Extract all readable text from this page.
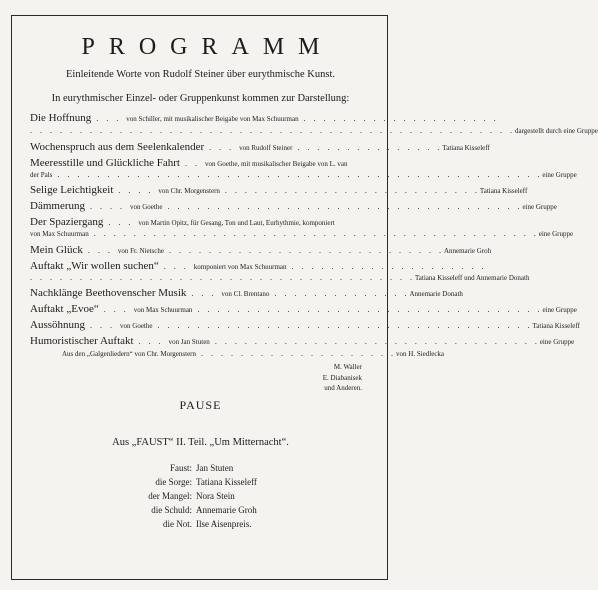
PROGRAMM
Einleitende Worte von Rudolf Steiner über eurythmische Kunst.
In eurythmischer Einzel- oder Gruppenkunst kommen zur Darstellung:
Die Hoffnung . . . von Schiller, mit musikalischer Beigabe von Max Schuurman . . . . . . . . . . . . . . . . . . . .
. . . . . . . . . . . . . . . . . . . . . . . . . . . . . . . . . . . . . . . . . . . . . . . . . dargestellt durch eine Gruppe
Wochenspruch aus dem Seelenkalender . . . von Rudolf Steiner . . . . . . . . . . . . . . . Tatiana Kisseleff
Meeresstille und Glückliche Fahrt . . von Goethe, mit musikalischer Beigabe von L. van
der Pals . . . . . . . . . . . . . . . . . . . . . . . . . . . . . . . . . . . . . . . . . . . . . . . . . eine Gruppe
Selige Leichtigkeit . . . . von Chr. Morgenstern . . . . . . . . . . . . . . . . . . . . . . . . . . Tatiana Kisseleff
Dämmerung . . . . von Goethe . . . . . . . . . . . . . . . . . . . . . . . . . . . . . . . . . . . . eine Gruppe
Der Spaziergang . . . von Martin Opitz, für Gesang, Ton und Laut, Eurhythmie, komponiert
von Max Schuurman . . . . . . . . . . . . . . . . . . . . . . . . . . . . . . . . . . . . . . . . . . . . . eine Gruppe
Mein Glück . . . von Fr. Nietsche . . . . . . . . . . . . . . . . . . . . . . . . . . . . Annemarie Groh
Auftakt „Wir wollen suchen“ . . . komponiert von Max Schuurman . . . . . . . . . . . . . . . . . . . .
. . . . . . . . . . . . . . . . . . . . . . . . . . . . . . . . . . . . . . . Tatiana Kisseleff und Annemarie Donath
Nachklänge Beethovenscher Musik . . . von Cl. Brentano . . . . . . . . . . . . . . Annemarie Donath
Auftakt „Evoe“ . . . von Max Schuurman . . . . . . . . . . . . . . . . . . . . . . . . . . . . . . . . . . . eine Gruppe
Aussöhnung . . . von Goethe . . . . . . . . . . . . . . . . . . . . . . . . . . . . . . . . . . . . . . Tatiana Kisseleff
Humoristischer Auftakt . . . von Jan Stuten . . . . . . . . . . . . . . . . . . . . . . . . . . . . . . . . . eine Gruppe
Aus den „Galgenliedern“ von Chr. Morgenstern . . . . . . . . . . . . . . . . . . . . von H. Siedlecka
M. Waller
E. Diabanisek
und Anderen.
PAUSE
Aus „FAUST“ II. Teil. „Um Mitternacht“.
Faust: Jan Stuten
die Sorge: Tatiana Kisseleff
der Mangel: Nora Stein
die Schuld: Annemarie Groh
die Not. Ilse Aisenpreis.
